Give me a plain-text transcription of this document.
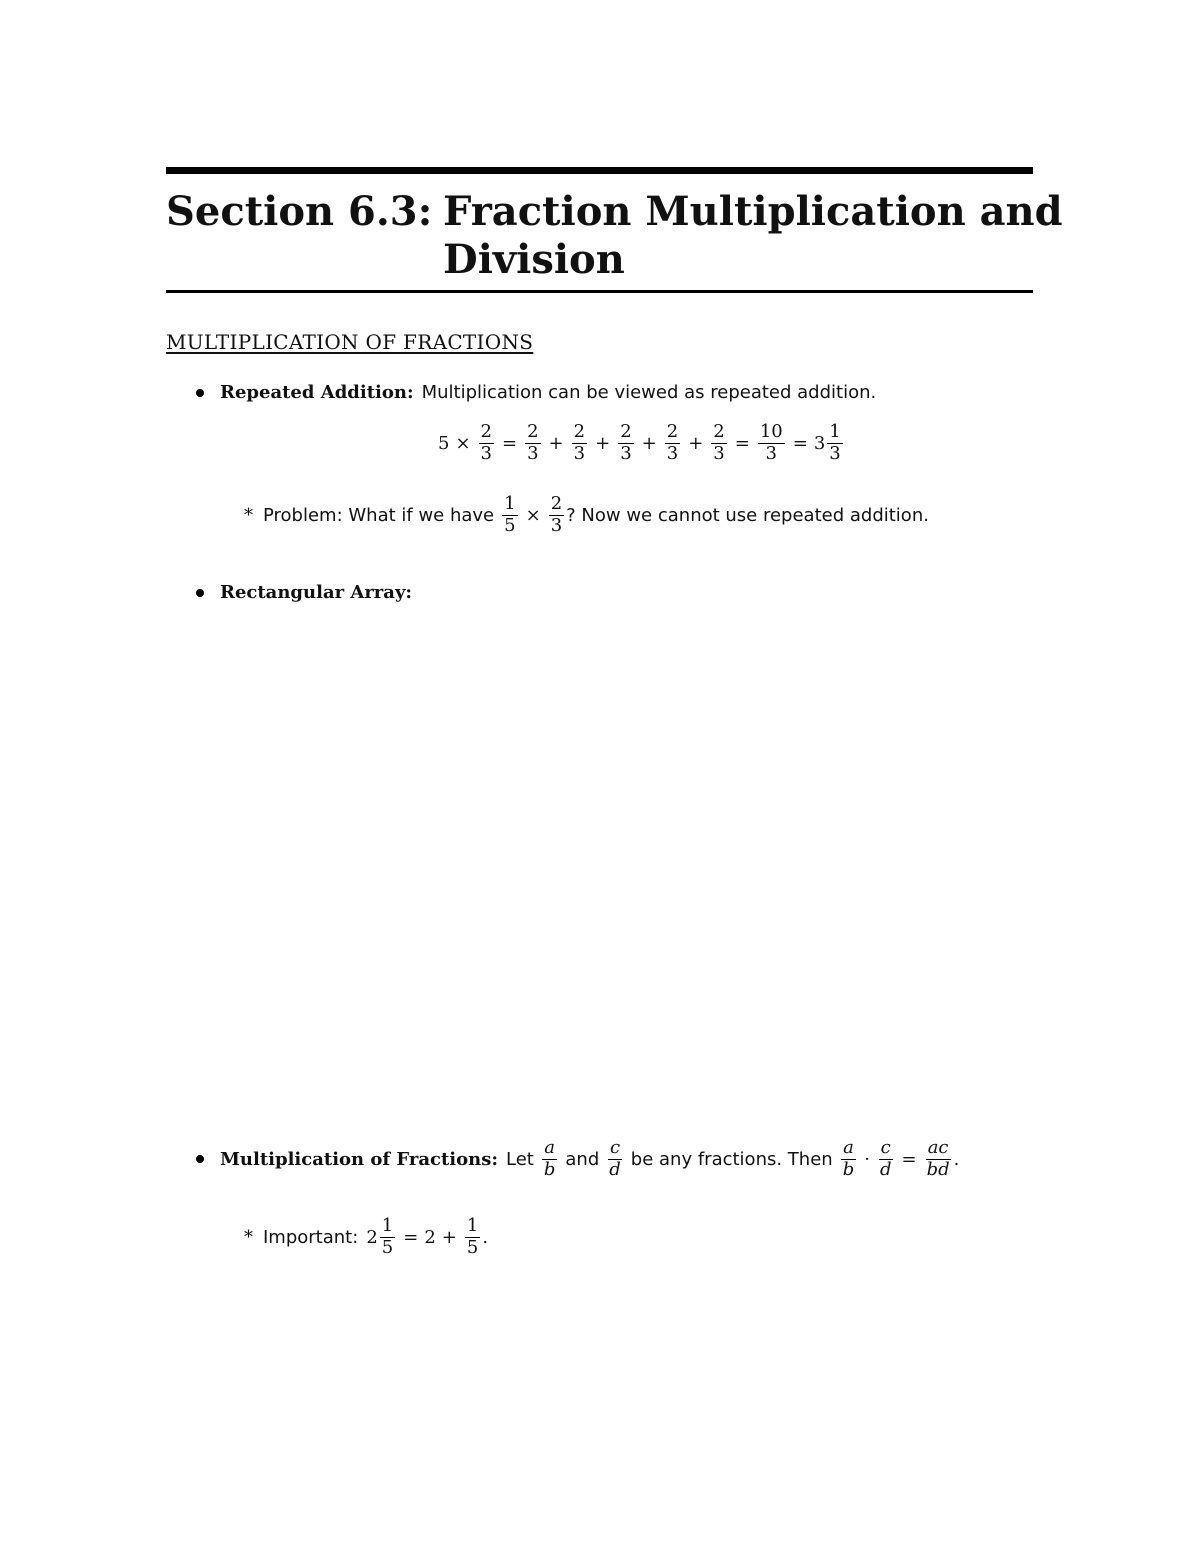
Section 6.3: Fraction Multiplication and
Division
MULTIPLICATION OF FRACTIONS
Repeated Addition: Multiplication can be viewed as repeated addition.
$5 \times \frac{2}{3} = \frac{2}{3} + \frac{2}{3} + \frac{2}{3} + \frac{2}{3} + \frac{2}{3} = \frac{10}{3} = 3 \frac{1}{3}$
* Problem: What if we have $\frac{1}{5} \times \frac{2}{3}$ ? Now we cannot use repeated addition.
Rectangular Array:
Multiplication of Fractions: Let $\frac{a}{b}$ and $\frac{c}{d}$ be any fractions. Then $\frac{a}{b} \cdot \frac{c}{d} = \frac{ac}{bd}$ .
* Important: $2 \frac{1}{5} = 2 + \frac{1}{5}$ .
